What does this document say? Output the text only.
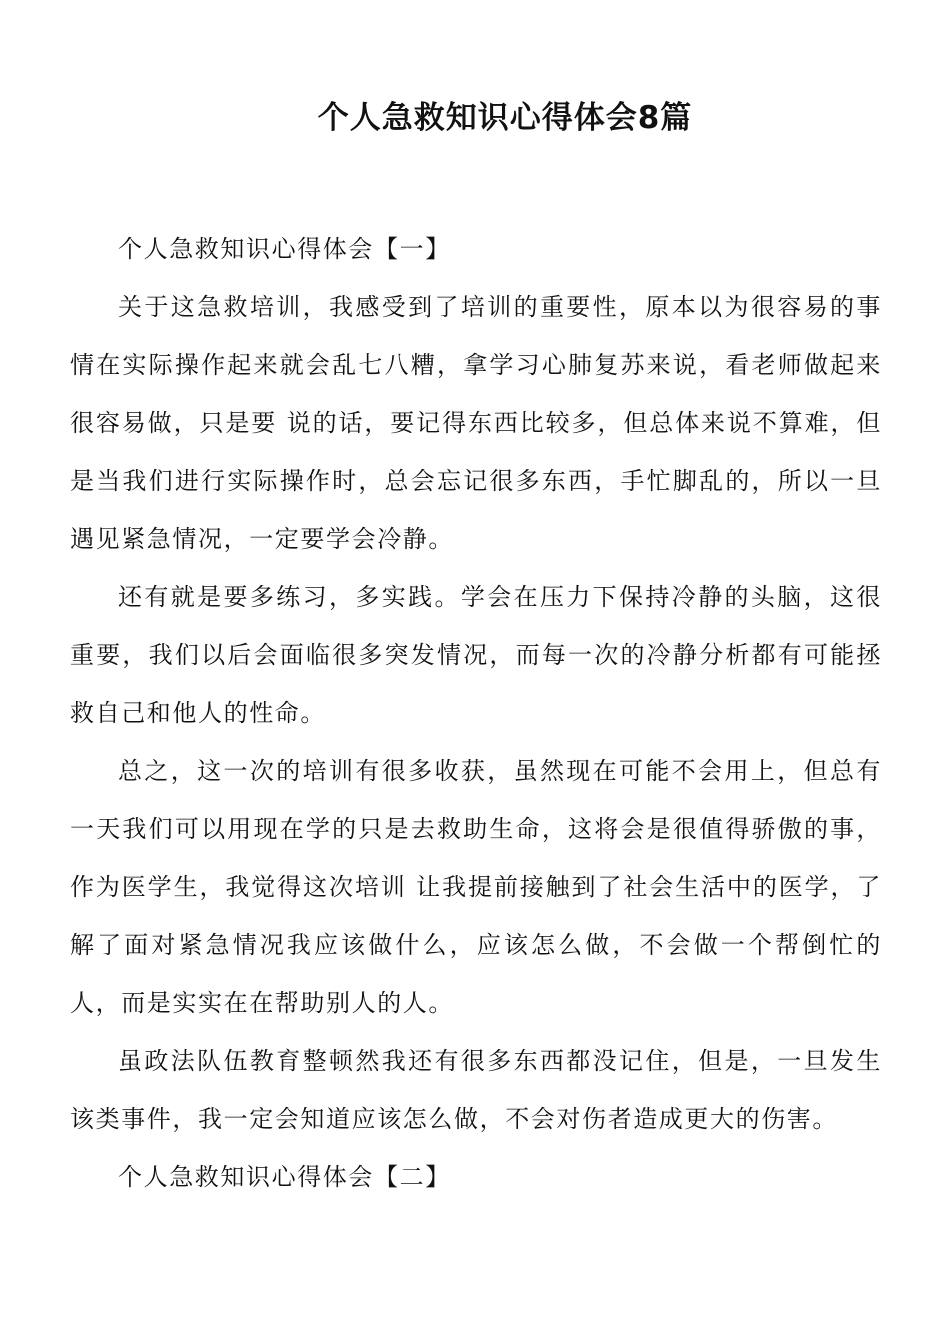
个人急救知识心得体会8篇

个人急救知识心得体会【一】

关于这急救培训，我感受到了培训的重要性，原本以为很容易的事情在实际操作起来就会乱七八糟，拿学习心肺复苏来说，看老师做起来很容易做，只是要 说的话，要记得东西比较多，但总体来说不算难，但是当我们进行实际操作时，总会忘记很多东西，手忙脚乱的，所以一旦遇见紧急情况，一定要学会冷静。

还有就是要多练习，多实践。学会在压力下保持冷静的头脑，这很重要，我们以后会面临很多突发情况，而每一次的冷静分析都有可能拯救自己和他人的性命。

总之，这一次的培训有很多收获，虽然现在可能不会用上，但总有一天我们可以用现在学的只是去救助生命，这将会是很值得骄傲的事，作为医学生，我觉得这次培训 让我提前接触到了社会生活中的医学，了解了面对紧急情况我应该做什么，应该怎么做，不会做一个帮倒忙的人，而是实实在在帮助别人的人。

虽政法队伍教育整顿然我还有很多东西都没记住，但是，一旦发生该类事件，我一定会知道应该怎么做，不会对伤者造成更大的伤害。

个人急救知识心得体会【二】
